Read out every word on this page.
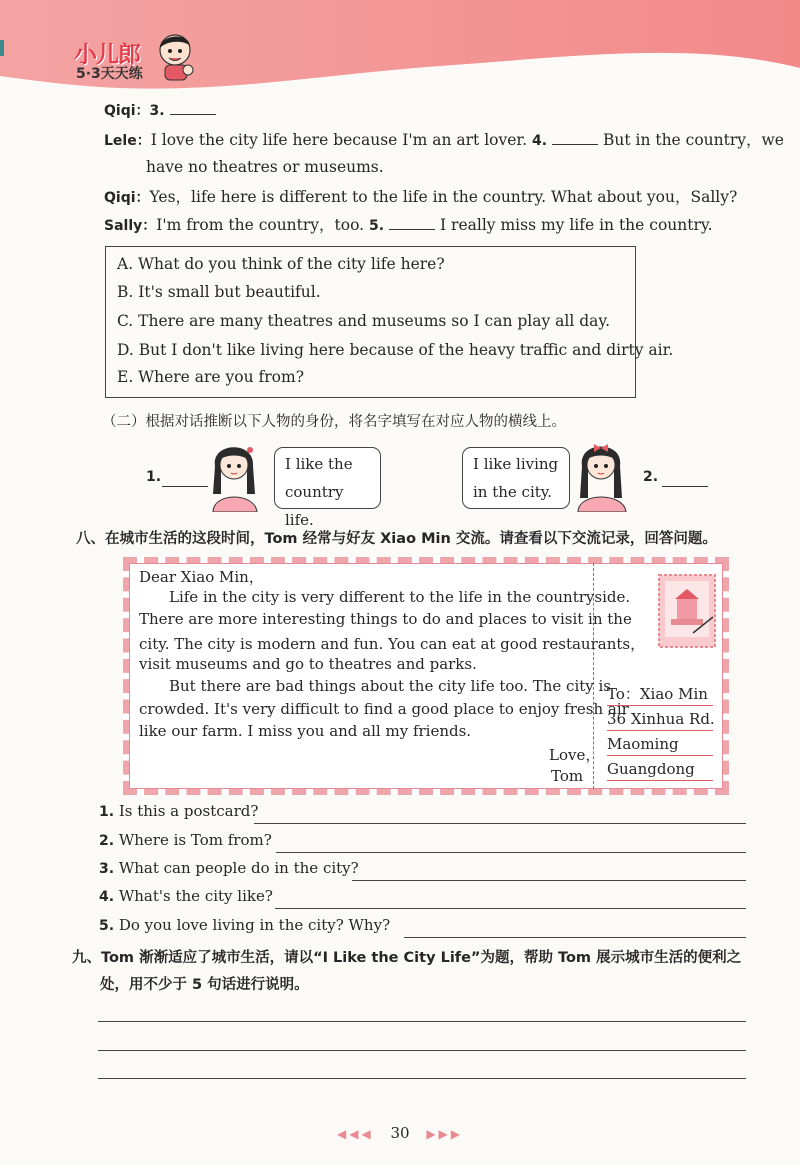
小儿郎
5·3天天练
Qiqi：3.
Lele：I love the city life here because I'm an art lover. 4.	But in the country，we
have no theatres or museums.
Qiqi：Yes，life here is different to the life in the country. What about you，Sally?
Sally：I'm from the country，too. 5.	I really miss my life in the country.
A. What do you think of the city life here?
B. It's small but beautiful.
C. There are many theatres and museums so I can play all day.
D. But I don't like living here because of the heavy traffic and dirty air.
E. Where are you from?
（二）根据对话推断以下人物的身份，将名字填写在对应人物的横线上。
1.
I like the
country life.
I like living
in the city.
2.
八、在城市生活的这段时间，Tom 经常与好友 Xiao Min 交流。请查看以下交流记录，回答问题。
Dear Xiao Min，
Life in the city is very different to the life in the countryside.
There are more interesting things to do and places to visit in the
city. The city is modern and fun. You can eat at good restaurants，
visit museums and go to theatres and parks.
But there are bad things about the city life too. The city is
crowded. It's very difficult to find a good place to enjoy fresh air
like our farm. I miss you and all my friends.
Love，
Tom
To：Xiao Min
36 Xinhua Rd.
Maoming
Guangdong
1. Is this a postcard?
2. Where is Tom from?
3. What can people do in the city?
4. What's the city like?
5. Do you love living in the city? Why?
九、Tom 渐渐适应了城市生活，请以“I Like the City Life”为题，帮助 Tom 展示城市生活的便利之
处，用不少于 5 句话进行说明。
◀◀◀ 30 ▶▶▶
